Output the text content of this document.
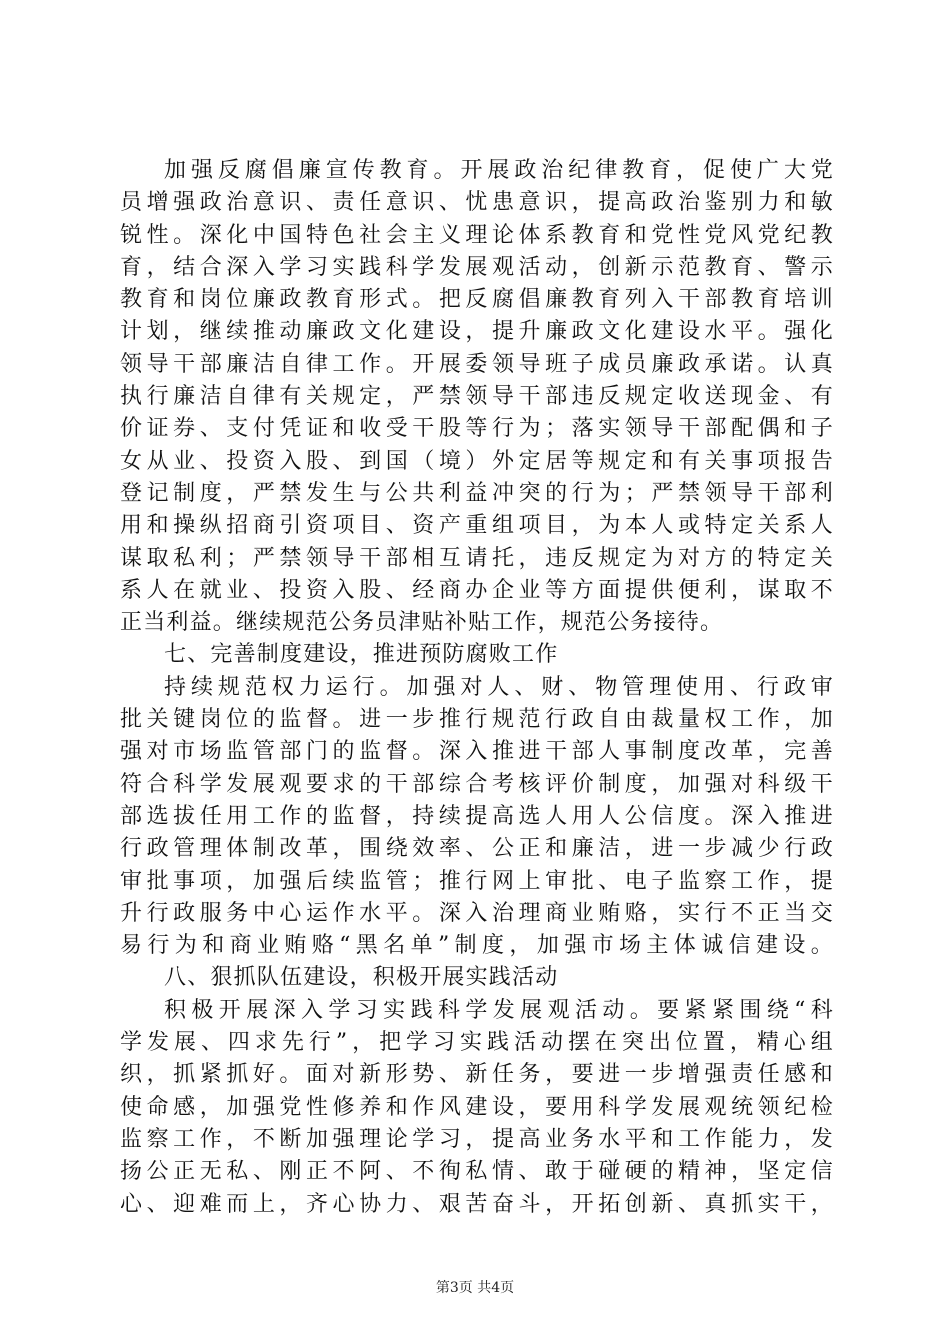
加强反腐倡廉宣传教育。开展政治纪律教育，促使广大党
员增强政治意识、责任意识、忧患意识，提高政治鉴别力和敏
锐性。深化中国特色社会主义理论体系教育和党性党风党纪教
育，结合深入学习实践科学发展观活动，创新示范教育、警示
教育和岗位廉政教育形式。把反腐倡廉教育列入干部教育培训
计划，继续推动廉政文化建设，提升廉政文化建设水平。强化
领导干部廉洁自律工作。开展委领导班子成员廉政承诺。认真
执行廉洁自律有关规定，严禁领导干部违反规定收送现金、有
价证券、支付凭证和收受干股等行为；落实领导干部配偶和子
女从业、投资入股、到国（境）外定居等规定和有关事项报告
登记制度，严禁发生与公共利益冲突的行为；严禁领导干部利
用和操纵招商引资项目、资产重组项目，为本人或特定关系人
谋取私利；严禁领导干部相互请托，违反规定为对方的特定关
系人在就业、投资入股、经商办企业等方面提供便利，谋取不
正当利益。继续规范公务员津贴补贴工作，规范公务接待。
七、完善制度建设，推进预防腐败工作
持续规范权力运行。加强对人、财、物管理使用、行政审
批关键岗位的监督。进一步推行规范行政自由裁量权工作，加
强对市场监管部门的监督。深入推进干部人事制度改革，完善
符合科学发展观要求的干部综合考核评价制度，加强对科级干
部选拔任用工作的监督，持续提高选人用人公信度。深入推进
行政管理体制改革，围绕效率、公正和廉洁，进一步减少行政
审批事项，加强后续监管；推行网上审批、电子监察工作，提
升行政服务中心运作水平。深入治理商业贿赂，实行不正当交
易行为和商业贿赂“黑名单”制度，加强市场主体诚信建设。
八、狠抓队伍建设，积极开展实践活动
积极开展深入学习实践科学发展观活动。要紧紧围绕“科
学发展、四求先行”，把学习实践活动摆在突出位置，精心组
织，抓紧抓好。面对新形势、新任务，要进一步增强责任感和
使命感，加强党性修养和作风建设，要用科学发展观统领纪检
监察工作，不断加强理论学习，提高业务水平和工作能力，发
扬公正无私、刚正不阿、不徇私情、敢于碰硬的精神，坚定信
心、迎难而上，齐心协力、艰苦奋斗，开拓创新、真抓实干，
第3页 共4页
